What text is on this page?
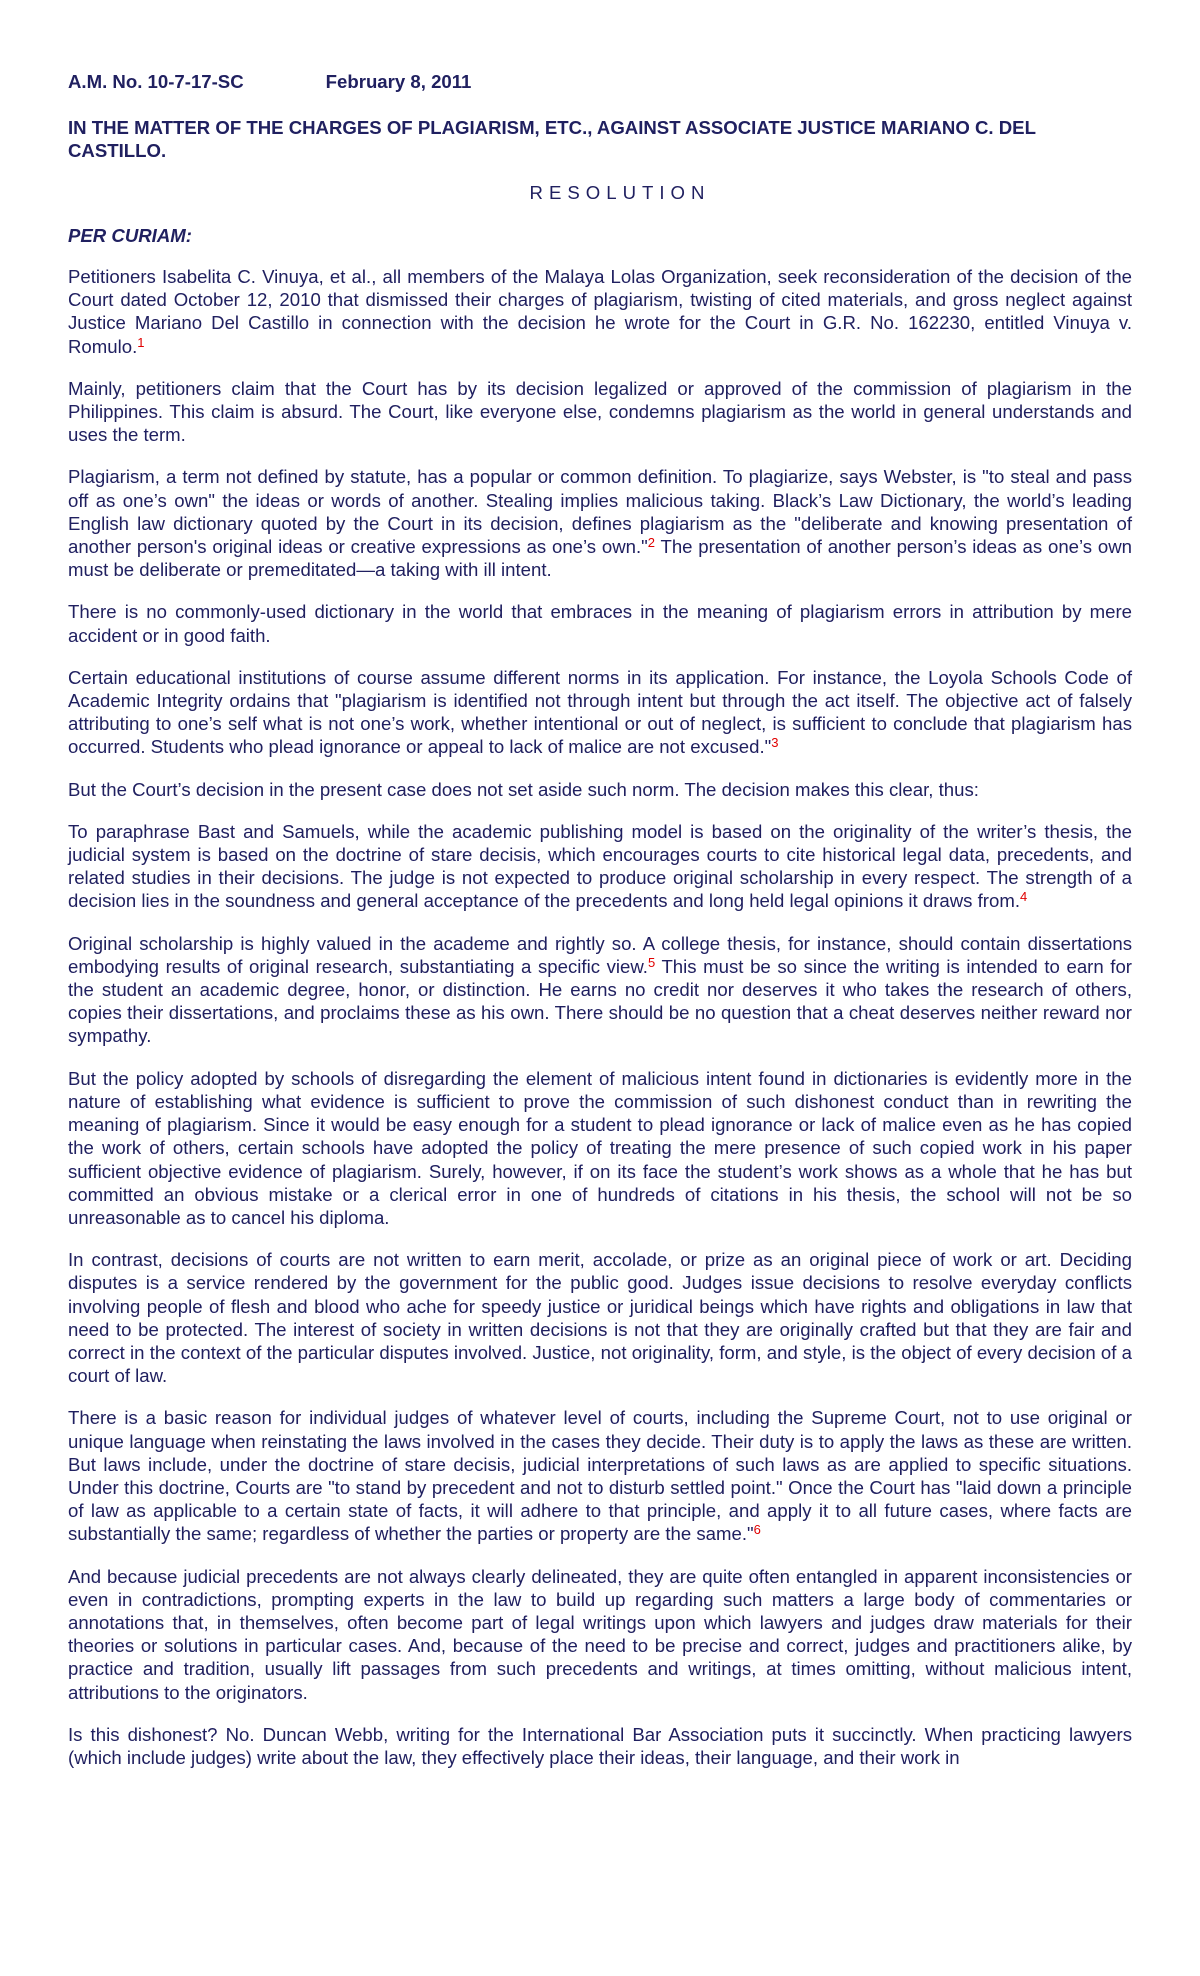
A.M. No. 10-7-17-SC	February 8, 2011
IN THE MATTER OF THE CHARGES OF PLAGIARISM, ETC., AGAINST ASSOCIATE JUSTICE MARIANO C. DEL CASTILLO.
RESOLUTION
PER CURIAM:

Petitioners Isabelita C. Vinuya, et al., all members of the Malaya Lolas Organization, seek reconsideration of the decision of the Court dated October 12, 2010 that dismissed their charges of plagiarism, twisting of cited materials, and gross neglect against Justice Mariano Del Castillo in connection with the decision he wrote for the Court in G.R. No. 162230, entitled Vinuya v. Romulo.$^1$

Mainly, petitioners claim that the Court has by its decision legalized or approved of the commission of plagiarism in the Philippines. This claim is absurd. The Court, like everyone else, condemns plagiarism as the world in general understands and uses the term.

Plagiarism, a term not defined by statute, has a popular or common definition. To plagiarize, says Webster, is "to steal and pass off as one’s own" the ideas or words of another. Stealing implies malicious taking. Black’s Law Dictionary, the world’s leading English law dictionary quoted by the Court in its decision, defines plagiarism as the "deliberate and knowing presentation of another person's original ideas or creative expressions as one’s own."$^2$ The presentation of another person’s ideas as one’s own must be deliberate or premeditated—a taking with ill intent.

There is no commonly-used dictionary in the world that embraces in the meaning of plagiarism errors in attribution by mere accident or in good faith.

Certain educational institutions of course assume different norms in its application. For instance, the Loyola Schools Code of Academic Integrity ordains that "plagiarism is identified not through intent but through the act itself. The objective act of falsely attributing to one’s self what is not one’s work, whether intentional or out of neglect, is sufficient to conclude that plagiarism has occurred. Students who plead ignorance or appeal to lack of malice are not excused."$^3$

But the Court’s decision in the present case does not set aside such norm. The decision makes this clear, thus:

To paraphrase Bast and Samuels, while the academic publishing model is based on the originality of the writer’s thesis, the judicial system is based on the doctrine of stare decisis, which encourages courts to cite historical legal data, precedents, and related studies in their decisions. The judge is not expected to produce original scholarship in every respect. The strength of a decision lies in the soundness and general acceptance of the precedents and long held legal opinions it draws from.$^4$

Original scholarship is highly valued in the academe and rightly so. A college thesis, for instance, should contain dissertations embodying results of original research, substantiating a specific view.$^5$ This must be so since the writing is intended to earn for the student an academic degree, honor, or distinction. He earns no credit nor deserves it who takes the research of others, copies their dissertations, and proclaims these as his own. There should be no question that a cheat deserves neither reward nor sympathy.

But the policy adopted by schools of disregarding the element of malicious intent found in dictionaries is evidently more in the nature of establishing what evidence is sufficient to prove the commission of such dishonest conduct than in rewriting the meaning of plagiarism. Since it would be easy enough for a student to plead ignorance or lack of malice even as he has copied the work of others, certain schools have adopted the policy of treating the mere presence of such copied work in his paper sufficient objective evidence of plagiarism. Surely, however, if on its face the student’s work shows as a whole that he has but committed an obvious mistake or a clerical error in one of hundreds of citations in his thesis, the school will not be so unreasonable as to cancel his diploma.

In contrast, decisions of courts are not written to earn merit, accolade, or prize as an original piece of work or art. Deciding disputes is a service rendered by the government for the public good. Judges issue decisions to resolve everyday conflicts involving people of flesh and blood who ache for speedy justice or juridical beings which have rights and obligations in law that need to be protected. The interest of society in written decisions is not that they are originally crafted but that they are fair and correct in the context of the particular disputes involved. Justice, not originality, form, and style, is the object of every decision of a court of law.

There is a basic reason for individual judges of whatever level of courts, including the Supreme Court, not to use original or unique language when reinstating the laws involved in the cases they decide. Their duty is to apply the laws as these are written. But laws include, under the doctrine of stare decisis, judicial interpretations of such laws as are applied to specific situations. Under this doctrine, Courts are "to stand by precedent and not to disturb settled point." Once the Court has "laid down a principle of law as applicable to a certain state of facts, it will adhere to that principle, and apply it to all future cases, where facts are substantially the same; regardless of whether the parties or property are the same."$^6$

And because judicial precedents are not always clearly delineated, they are quite often entangled in apparent inconsistencies or even in contradictions, prompting experts in the law to build up regarding such matters a large body of commentaries or annotations that, in themselves, often become part of legal writings upon which lawyers and judges draw materials for their theories or solutions in particular cases. And, because of the need to be precise and correct, judges and practitioners alike, by practice and tradition, usually lift passages from such precedents and writings, at times omitting, without malicious intent, attributions to the originators.

Is this dishonest? No. Duncan Webb, writing for the International Bar Association puts it succinctly. When practicing lawyers (which include judges) write about the law, they effectively place their ideas, their language, and their work in
